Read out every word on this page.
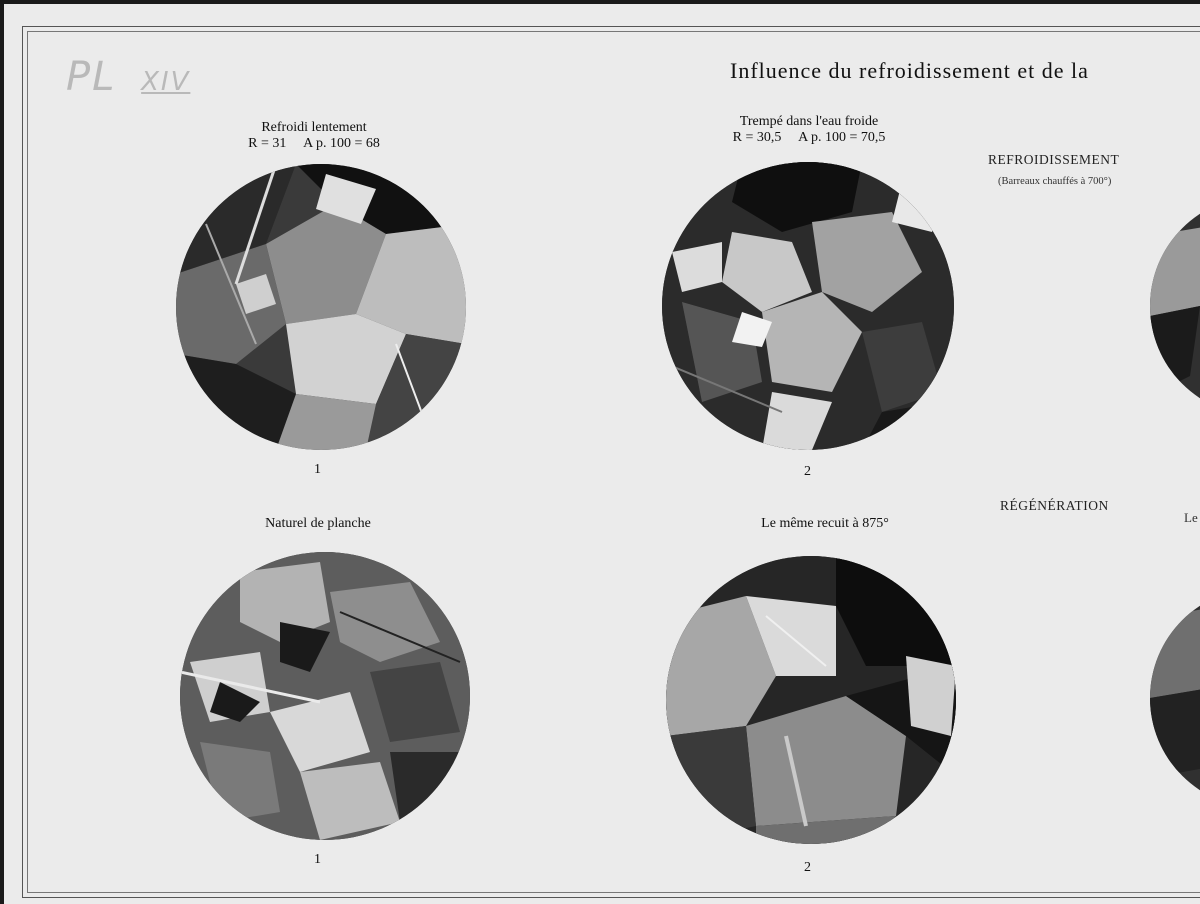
PL XIV	Influence du refroidissement et de la
Refroidi lentement
R = 31     A p. 100 = 68
1
Trempé dans l'eau froide
R = 30,5     A p. 100 = 70,5
2
REFROIDISSEMENT
(Barreaux chauffés à 700°)
RÉGÉNÉRATION
Le
Naturel de planche
1
Le même recuit à 875°
2
